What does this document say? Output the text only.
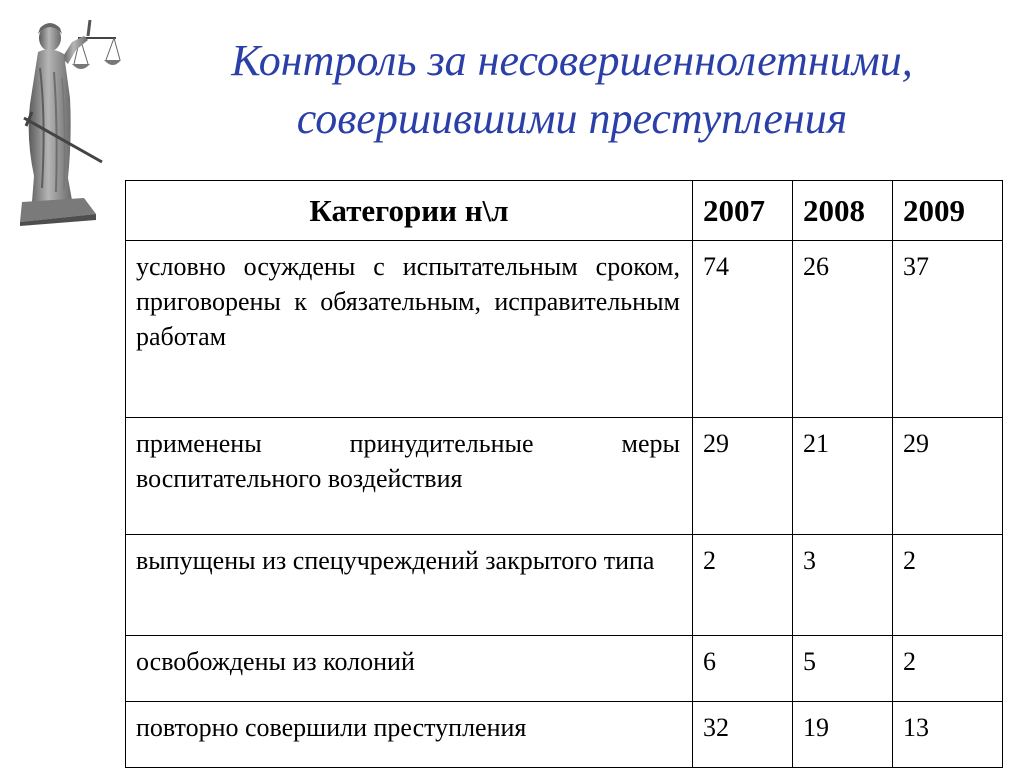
Контроль за несовершеннолетними,
совершившими преступления
Категории н\л	2007	2008	2009
условно осуждены с испытательным сроком, приговорены к обязательным, исправительным работам	74	26	37
применены принудительные меры воспитательного воздействия	29	21	29
выпущены из спецучреждений закрытого типа	2	3	2
освобождены из колоний	6	5	2
повторно совершили преступления	32	19	13
